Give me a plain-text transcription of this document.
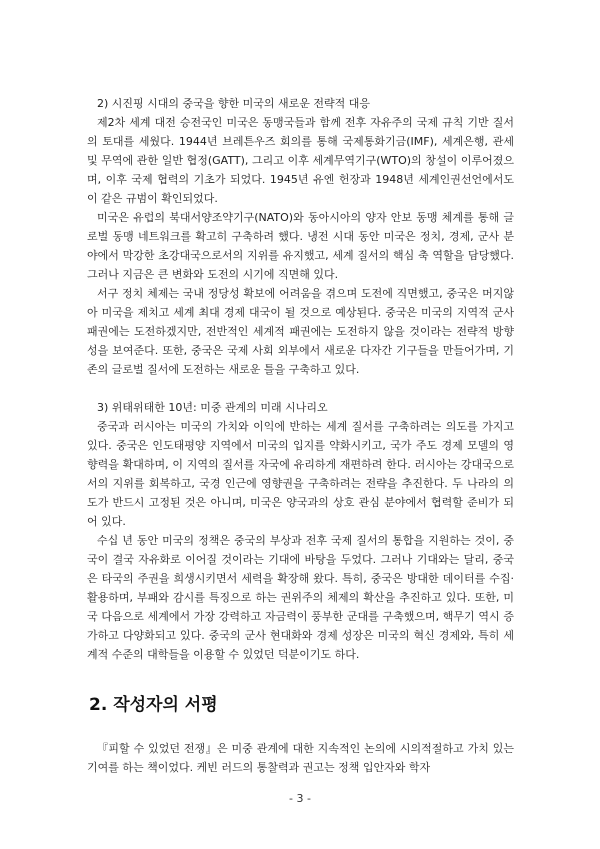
2) 시진핑 시대의 중국을 향한 미국의 새로운 전략적 대응

제2차 세계 대전 승전국인 미국은 동맹국들과 함께 전후 자유주의 국제 규칙 기반 질서의 토대를 세웠다. 1944년 브레튼우즈 회의를 통해 국제통화기금(IMF), 세계은행, 관세 및 무역에 관한 일반 협정(GATT), 그리고 이후 세계무역기구(WTO)의 창설이 이루어졌으며, 이후 국제 협력의 기초가 되었다. 1945년 유엔 헌장과 1948년 세계인권선언에서도 이 같은 규범이 확인되었다.

미국은 유럽의 북대서양조약기구(NATO)와 동아시아의 양자 안보 동맹 체계를 통해 글로벌 동맹 네트워크를 확고히 구축하려 했다. 냉전 시대 동안 미국은 정치, 경제, 군사 분야에서 막강한 초강대국으로서의 지위를 유지했고, 세계 질서의 핵심 축 역할을 담당했다. 그러나 지금은 큰 변화와 도전의 시기에 직면해 있다.

서구 정치 체제는 국내 정당성 확보에 어려움을 겪으며 도전에 직면했고, 중국은 머지않아 미국을 제치고 세계 최대 경제 대국이 될 것으로 예상된다. 중국은 미국의 지역적 군사 패권에는 도전하겠지만, 전반적인 세계적 패권에는 도전하지 않을 것이라는 전략적 방향성을 보여준다. 또한, 중국은 국제 사회 외부에서 새로운 다자간 기구들을 만들어가며, 기존의 글로벌 질서에 도전하는 새로운 틀을 구축하고 있다.

3) 위태위태한 10년: 미중 관계의 미래 시나리오

중국과 러시아는 미국의 가치와 이익에 반하는 세계 질서를 구축하려는 의도를 가지고 있다. 중국은 인도태평양 지역에서 미국의 입지를 약화시키고, 국가 주도 경제 모델의 영향력을 확대하며, 이 지역의 질서를 자국에 유리하게 재편하려 한다. 러시아는 강대국으로서의 지위를 회복하고, 국경 인근에 영향권을 구축하려는 전략을 추진한다. 두 나라의 의도가 반드시 고정된 것은 아니며, 미국은 양국과의 상호 관심 분야에서 협력할 준비가 되어 있다.

수십 년 동안 미국의 정책은 중국의 부상과 전후 국제 질서의 통합을 지원하는 것이, 중국이 결국 자유화로 이어질 것이라는 기대에 바탕을 두었다. 그러나 기대와는 달리, 중국은 타국의 주권을 희생시키면서 세력을 확장해 왔다. 특히, 중국은 방대한 데이터를 수집·활용하며, 부패와 감시를 특징으로 하는 권위주의 체제의 확산을 추진하고 있다. 또한, 미국 다음으로 세계에서 가장 강력하고 자금력이 풍부한 군대를 구축했으며, 핵무기 역시 증가하고 다양화되고 있다. 중국의 군사 현대화와 경제 성장은 미국의 혁신 경제와, 특히 세계적 수준의 대학들을 이용할 수 있었던 덕분이기도 하다.

2. 작성자의 서평

『피할 수 있었던 전쟁』은 미중 관계에 대한 지속적인 논의에 시의적절하고 가치 있는 기여를 하는 책이었다. 케빈 러드의 통찰력과 권고는 정책 입안자와 학자

- 3 -
